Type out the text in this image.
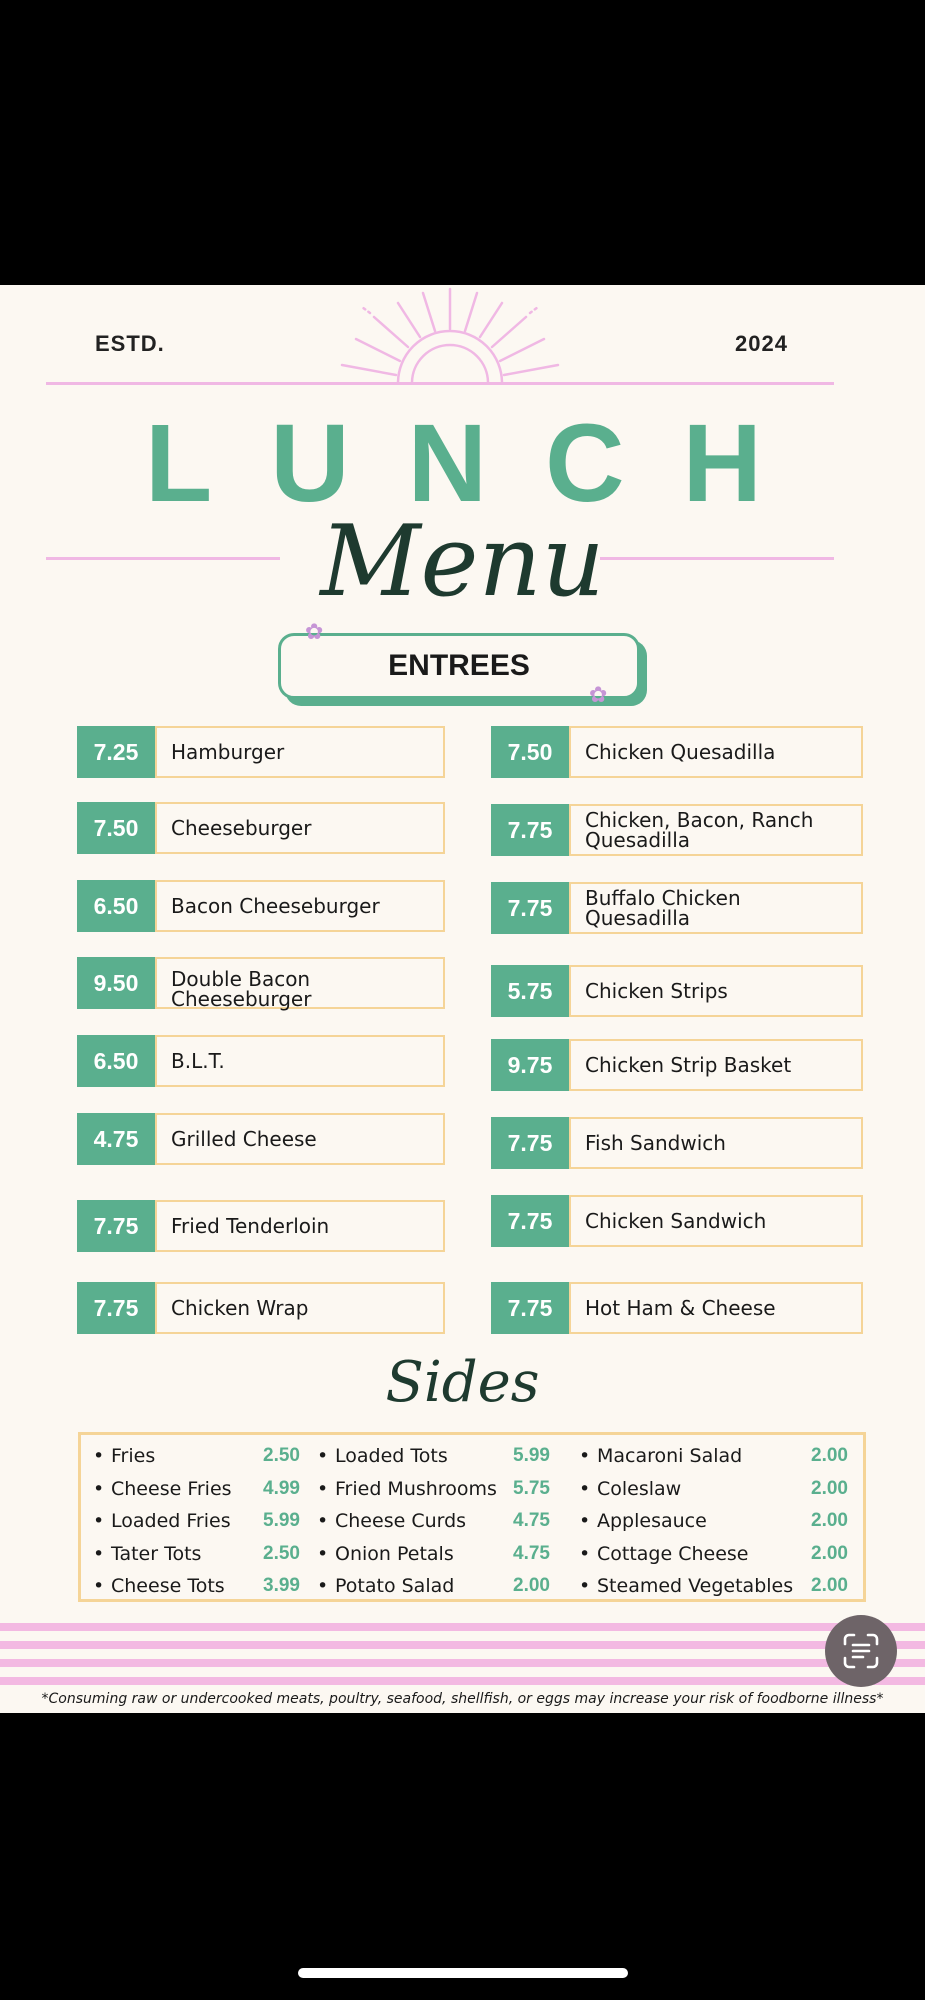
ESTD.	2024
LUNCH
Menu
ENTREES
✿
✿
7.25	Hamburger
7.50	Cheeseburger
6.50	Bacon Cheeseburger
9.50	Double Bacon Cheeseburger
6.50	B.L.T.
4.75	Grilled Cheese
7.75	Fried Tenderloin
7.75	Chicken Wrap
7.50	Chicken Quesadilla
7.75	Chicken, Bacon, Ranch Quesadilla
7.75	Buffalo Chicken Quesadilla
5.75	Chicken Strips
9.75	Chicken Strip Basket
7.75	Fish Sandwich
7.75	Chicken Sandwich
7.75	Hot Ham & Cheese
Sides
• Fries	2.50
• Cheese Fries 4.99
• Loaded Fries 5.99
• Tater Tots	2.50
• Cheese Tots 3.99
• Loaded Tots	5.99
• Fried Mushrooms 5.75
• Cheese Curds 4.75
• Onion Petals	4.75
• Potato Salad	2.00
• Macaroni Salad	2.00
• Coleslaw	2.00
• Applesauce	2.00
• Cottage Cheese	2.00
• Steamed Vegetables 2.00
*Consuming raw or undercooked meats, poultry, seafood, shellfish, or eggs may increase your risk of foodborne illness*
